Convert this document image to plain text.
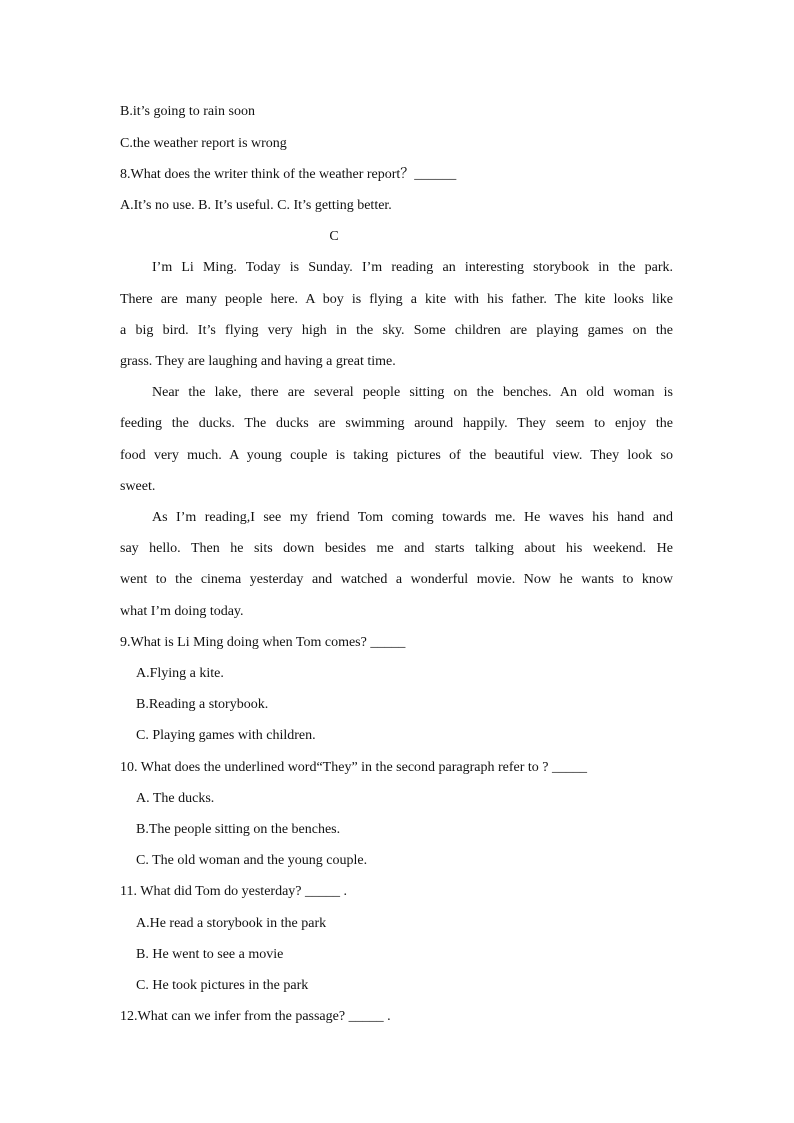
B.it’s going to rain soon
C.the weather report is wrong
8.What does the writer think of the weather report？______
A.It’s no use. B. It’s useful. C. It’s getting better.
C
I’m Li Ming. Today is Sunday. I’m reading an interesting storybook in the park.
There are many people here. A boy is flying a kite with his father. The kite looks like
a big bird. It’s flying very high in the sky. Some children are playing games on the
grass. They are laughing and having a great time.
Near the lake, there are several people sitting on the benches. An old woman is
feeding the ducks. The ducks are swimming around happily. They seem to enjoy the
food very much. A young couple is taking pictures of the beautiful view. They look so
sweet.
As I’m reading,I see my friend Tom coming towards me. He waves his hand and
say hello. Then he sits down besides me and starts talking about his weekend. He
went to the cinema yesterday and watched a wonderful movie. Now he wants to know
what I’m doing today.
9.What is Li Ming doing when Tom comes? _____
A.Flying a kite.
B.Reading a storybook.
C. Playing games with children.
10. What does the underlined word“They” in the second paragraph refer to ? _____
A. The ducks.
B.The people sitting on the benches.
C. The old woman and the young couple.
11. What did Tom do yesterday? _____ .
A.He read a storybook in the park
B. He went to see a movie
C. He took pictures in the park
12.What can we infer from the passage? _____ .
